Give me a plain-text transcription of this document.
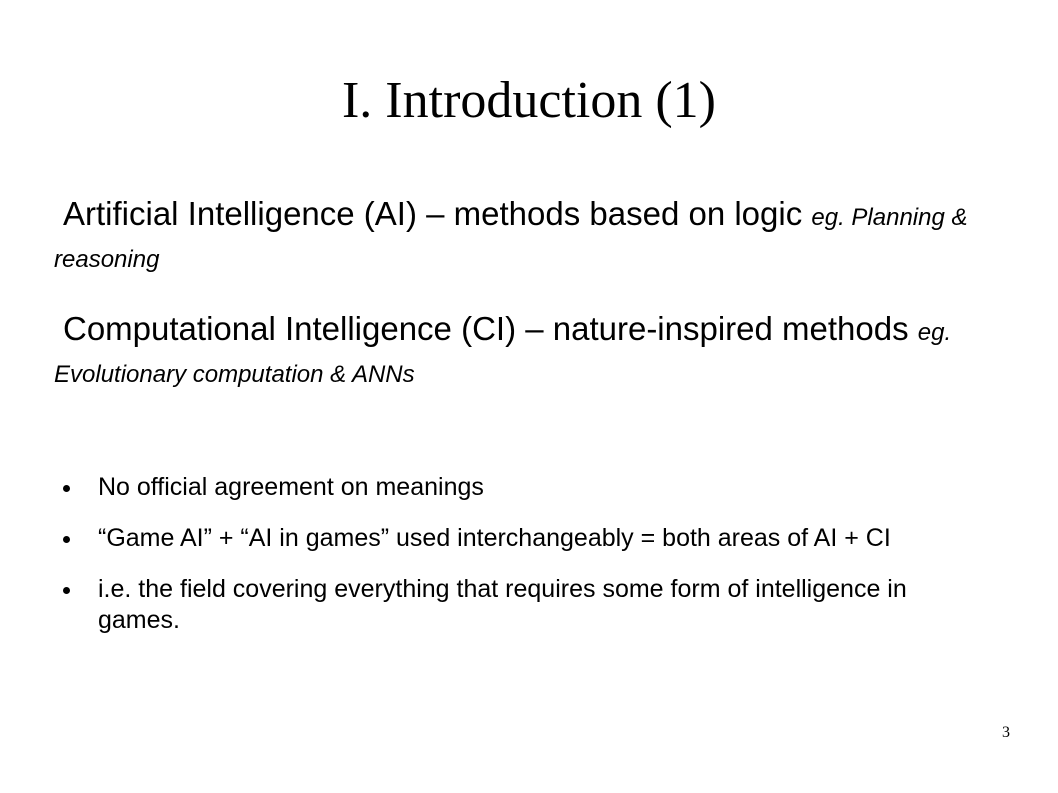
I. Introduction (1)

Artificial Intelligence (AI) – methods based on logic eg. Planning & reasoning

Computational Intelligence (CI) – nature-inspired methods eg. Evolutionary computation & ANNs

No official agreement on meanings
“Game AI” + “AI in games” used interchangeably = both areas of AI + CI
i.e. the field covering everything that requires some form of intelligence in games.
3
